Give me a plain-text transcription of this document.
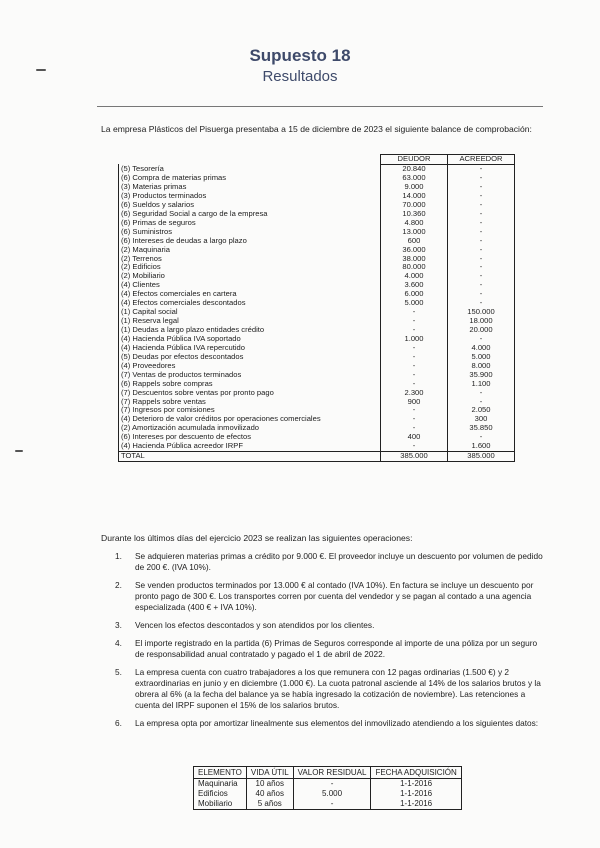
Supuesto 18
Resultados
La empresa Plásticos del Pisuerga presentaba a 15 de diciembre de 2023 el siguiente balance de comprobación:
	DEUDOR	ACREEDOR
(5) Tesorería	20.840	-
(6) Compra de materias primas	63.000	-
(3) Materias primas	9.000	-
(3) Productos terminados	14.000	-
(6) Sueldos y salarios	70.000	-
(6) Seguridad Social a cargo de la empresa	10.360	-
(6) Primas de seguros	4.800	-
(6) Suministros	13.000	-
(6) Intereses de deudas a largo plazo	600	-
(2) Maquinaria	36.000	-
(2) Terrenos	38.000	-
(2) Edificios	80.000	-
(2) Mobiliario	4.000	-
(4) Clientes	3.600	-
(4) Efectos comerciales en cartera	6.000	-
(4) Efectos comerciales descontados	5.000	-
(1) Capital social	-	150.000
(1) Reserva legal	-	18.000
(1) Deudas a largo plazo entidades crédito	-	20.000
(4) Hacienda Pública IVA soportado	1.000	-
(4) Hacienda Pública IVA repercutido	-	4.000
(5) Deudas por efectos descontados	-	5.000
(4) Proveedores	-	8.000
(7) Ventas de productos terminados	-	35.900
(6) Rappels sobre compras	-	1.100
(7) Descuentos sobre ventas por pronto pago	2.300	-
(7) Rappels sobre ventas	900	-
(7) Ingresos por comisiones	-	2.050
(4) Deterioro de valor créditos por operaciones comerciales	-	300
(2) Amortización acumulada inmovilizado	-	35.850
(6) Intereses por descuento de efectos	400	-
(4) Hacienda Pública acreedor IRPF	-	1.600
TOTAL	385.000	385.000
Durante los últimos días del ejercicio 2023 se realizan las siguientes operaciones:
1. Se adquieren materias primas a crédito por 9.000 €. El proveedor incluye un descuento por volumen de pedido de 200 €. (IVA 10%).
2. Se venden productos terminados por 13.000 € al contado (IVA 10%). En factura se incluye un descuento por pronto pago de 300 €. Los transportes corren por cuenta del vendedor y se pagan al contado a una agencia especializada (400 € + IVA 10%).
3. Vencen los efectos descontados y son atendidos por los clientes.
4. El importe registrado en la partida (6) Primas de Seguros corresponde al importe de una póliza por un seguro de responsabilidad anual contratado y pagado el 1 de abril de 2022.
5. La empresa cuenta con cuatro trabajadores a los que remunera con 12 pagas ordinarias (1.500 €) y 2 extraordinarias en junio y en diciembre (1.000 €). La cuota patronal asciende al 14% de los salarios brutos y la obrera al 6% (a la fecha del balance ya se había ingresado la cotización de noviembre). Las retenciones a cuenta del IRPF suponen el 15% de los salarios brutos.
6. La empresa opta por amortizar linealmente sus elementos del inmovilizado atendiendo a los siguientes datos:
ELEMENTO	VIDA ÚTIL	VALOR RESIDUAL	FECHA ADQUISICIÓN
Maquinaria	10 años	-	1-1-2016
Edificios	40 años	5.000	1-1-2016
Mobiliario	5 años	-	1-1-2016
